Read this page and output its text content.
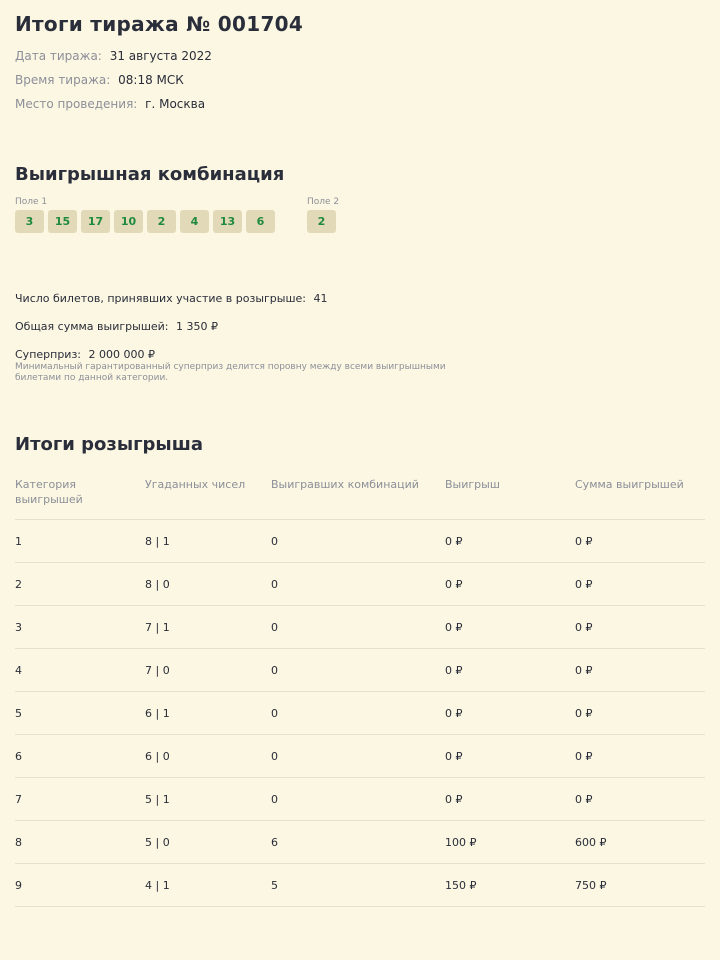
Итоги тиража № 001704
Дата тиража: 31 августа 2022
Время тиража: 08:18 МСК
Место проведения: г. Москва
Выигрышная комбинация
Поле 1
3	15	17	10	2	4	13	6
Поле 2
2
Число билетов, принявших участие в розыгрыше: 41
Общая сумма выигрышей: 1 350 ₽
Суперприз: 2 000 000 ₽
Минимальный гарантированный суперприз делится поровну между всеми выигрышными билетами по данной категории.
Итоги розыгрыша
Категория выигрышей	Угаданных чисел	Выигравших комбинаций	Выигрыш	Сумма выигрышей
1	8 | 1	0	0 ₽	0 ₽
2	8 | 0	0	0 ₽	0 ₽
3	7 | 1	0	0 ₽	0 ₽
4	7 | 0	0	0 ₽	0 ₽
5	6 | 1	0	0 ₽	0 ₽
6	6 | 0	0	0 ₽	0 ₽
7	5 | 1	0	0 ₽	0 ₽
8	5 | 0	6	100 ₽	600 ₽
9	4 | 1	5	150 ₽	750 ₽
